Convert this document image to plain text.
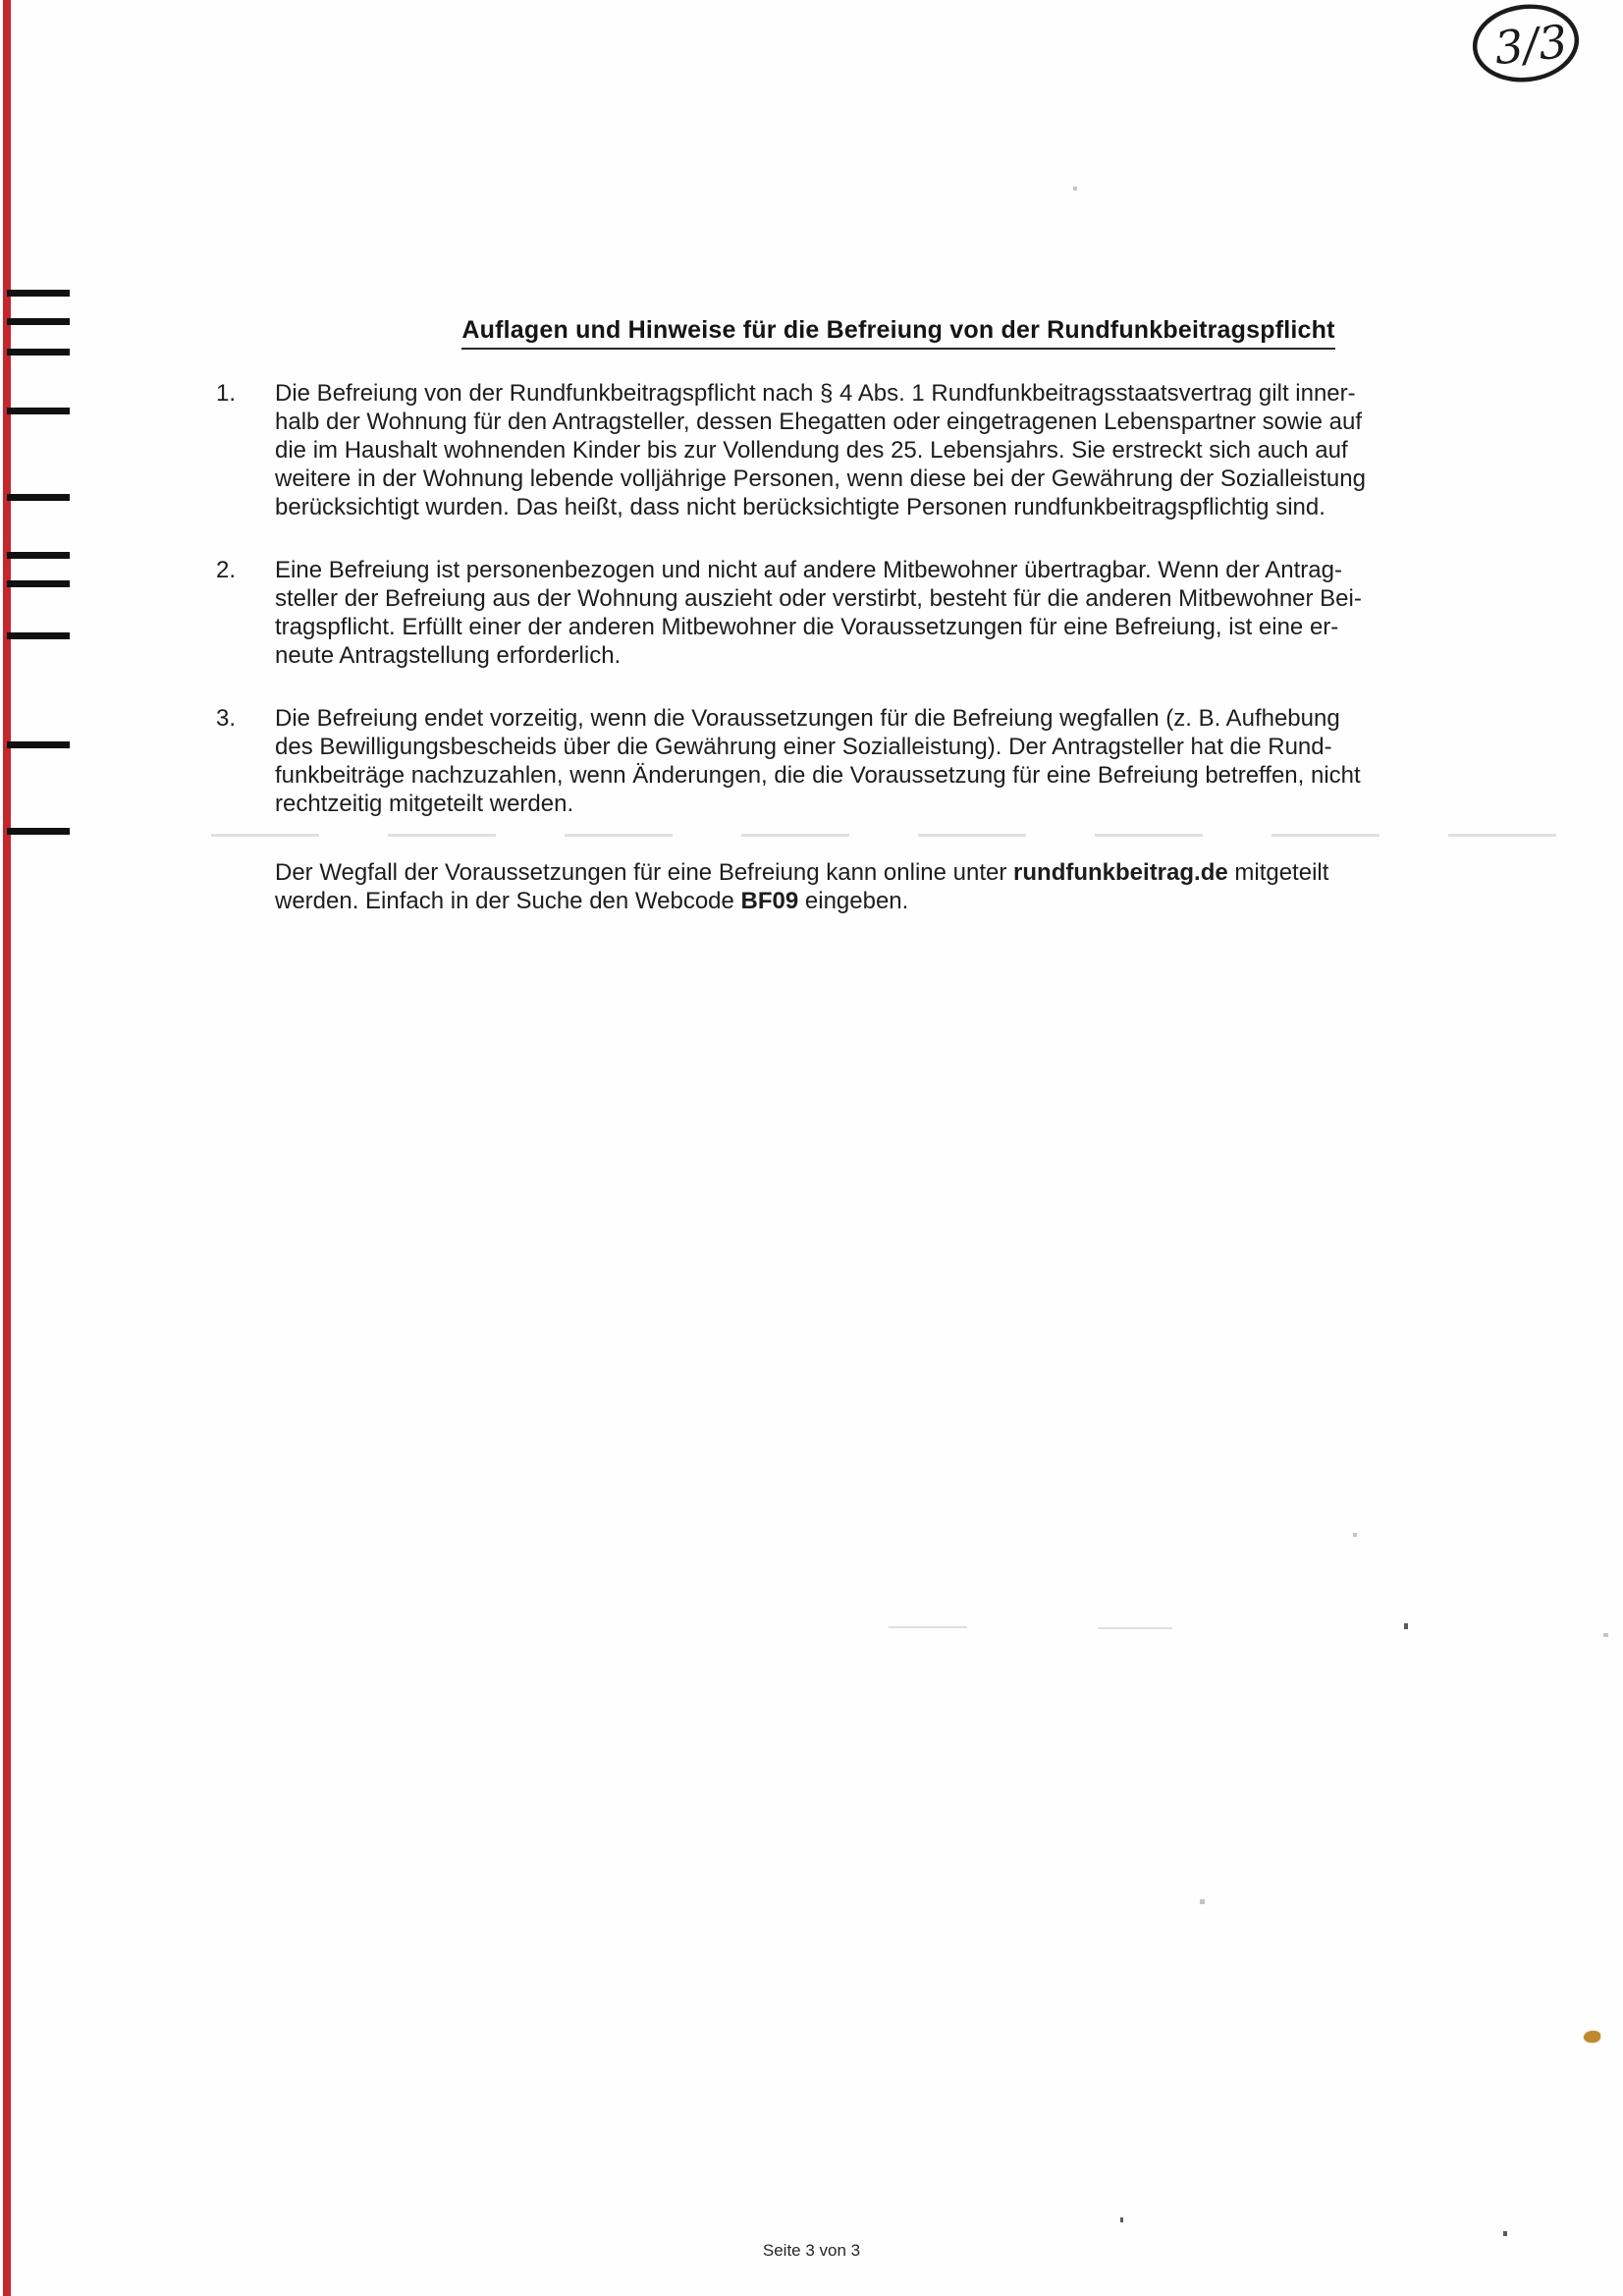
3/3
Auflagen und Hinweise für die Befreiung von der Rundfunkbeitragspflicht
1.	Die Befreiung von der Rundfunkbeitragspflicht nach § 4 Abs. 1 Rundfunkbeitragsstaatsvertrag gilt inner-
halb der Wohnung für den Antragsteller, dessen Ehegatten oder eingetragenen Lebenspartner sowie auf
die im Haushalt wohnenden Kinder bis zur Vollendung des 25. Lebensjahrs. Sie erstreckt sich auch auf
weitere in der Wohnung lebende volljährige Personen, wenn diese bei der Gewährung der Sozialleistung
berücksichtigt wurden. Das heißt, dass nicht berücksichtigte Personen rundfunkbeitragspflichtig sind.
2.	Eine Befreiung ist personenbezogen und nicht auf andere Mitbewohner übertragbar. Wenn der Antrag-
steller der Befreiung aus der Wohnung auszieht oder verstirbt, besteht für die anderen Mitbewohner Bei-
tragspflicht. Erfüllt einer der anderen Mitbewohner die Voraussetzungen für eine Befreiung, ist eine er-
neute Antragstellung erforderlich.
3.	Die Befreiung endet vorzeitig, wenn die Voraussetzungen für die Befreiung wegfallen (z. B. Aufhebung
des Bewilligungsbescheids über die Gewährung einer Sozialleistung). Der Antragsteller hat die Rund-
funkbeiträge nachzuzahlen, wenn Änderungen, die die Voraussetzung für eine Befreiung betreffen, nicht
rechtzeitig mitgeteilt werden.

Der Wegfall der Voraussetzungen für eine Befreiung kann online unter rundfunkbeitrag.de mitgeteilt
werden. Einfach in der Suche den Webcode BF09 eingeben.

Seite 3 von 3
